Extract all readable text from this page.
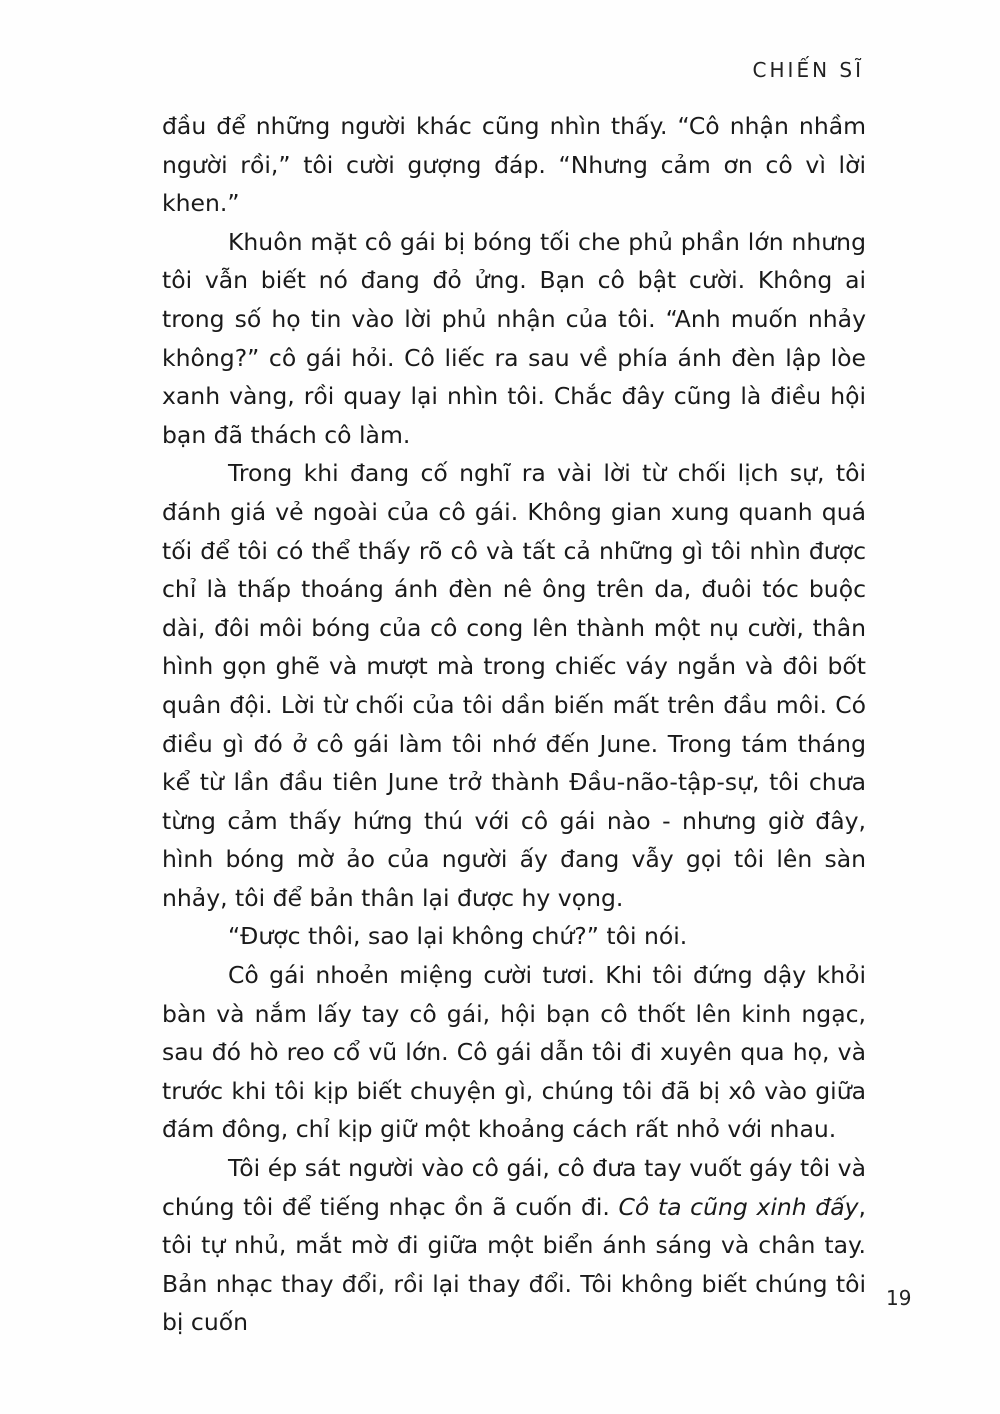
CHIẾN SĨ

đầu để những người khác cũng nhìn thấy. “Cô nhận nhầm người rồi,” tôi cười gượng đáp. “Nhưng cảm ơn cô vì lời khen.”

Khuôn mặt cô gái bị bóng tối che phủ phần lớn nhưng tôi vẫn biết nó đang đỏ ửng. Bạn cô bật cười. Không ai trong số họ tin vào lời phủ nhận của tôi. “Anh muốn nhảy không?” cô gái hỏi. Cô liếc ra sau về phía ánh đèn lập lòe xanh vàng, rồi quay lại nhìn tôi. Chắc đây cũng là điều hội bạn đã thách cô làm.

Trong khi đang cố nghĩ ra vài lời từ chối lịch sự, tôi đánh giá vẻ ngoài của cô gái. Không gian xung quanh quá tối để tôi có thể thấy rõ cô và tất cả những gì tôi nhìn được chỉ là thấp thoáng ánh đèn nê ông trên da, đuôi tóc buộc dài, đôi môi bóng của cô cong lên thành một nụ cười, thân hình gọn ghẽ và mượt mà trong chiếc váy ngắn và đôi bốt quân đội. Lời từ chối của tôi dần biến mất trên đầu môi. Có điều gì đó ở cô gái làm tôi nhớ đến June. Trong tám tháng kể từ lần đầu tiên June trở thành Đầu-não-tập-sự, tôi chưa từng cảm thấy hứng thú với cô gái nào - nhưng giờ đây, hình bóng mờ ảo của người ấy đang vẫy gọi tôi lên sàn nhảy, tôi để bản thân lại được hy vọng.

“Được thôi, sao lại không chứ?” tôi nói.

Cô gái nhoẻn miệng cười tươi. Khi tôi đứng dậy khỏi bàn và nắm lấy tay cô gái, hội bạn cô thốt lên kinh ngạc, sau đó hò reo cổ vũ lớn. Cô gái dẫn tôi đi xuyên qua họ, và trước khi tôi kịp biết chuyện gì, chúng tôi đã bị xô vào giữa đám đông, chỉ kịp giữ một khoảng cách rất nhỏ với nhau.

Tôi ép sát người vào cô gái, cô đưa tay vuốt gáy tôi và chúng tôi để tiếng nhạc ồn ã cuốn đi. Cô ta cũng xinh đấy, tôi tự nhủ, mắt mờ đi giữa một biển ánh sáng và chân tay. Bản nhạc thay đổi, rồi lại thay đổi. Tôi không biết chúng tôi bị cuốn

19
